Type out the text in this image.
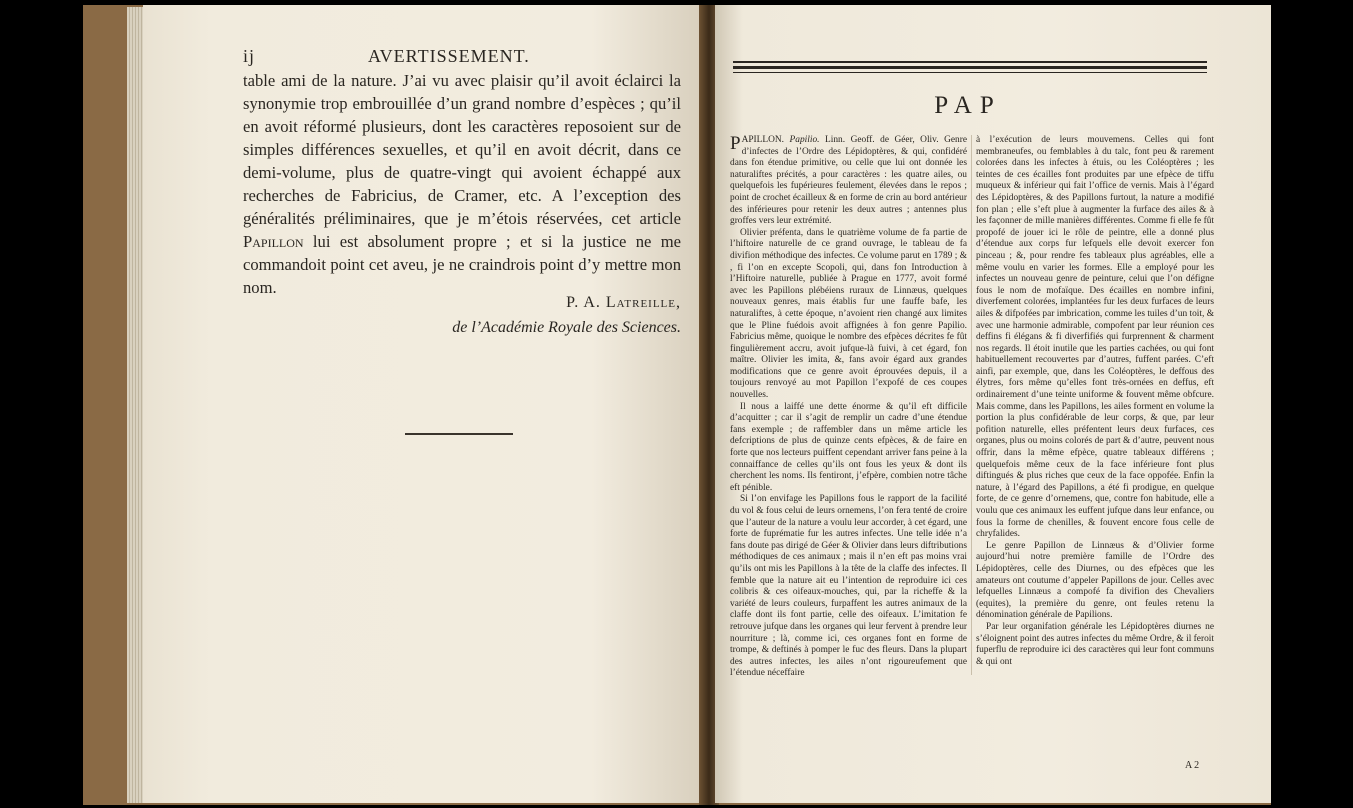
ij	AVERTISSEMENT.

table ami de la nature. J’ai vu avec plaisir qu’il avoit éclairci la synonymie trop embrouillée d’un grand nombre d’espèces ; qu’il en avoit réformé plusieurs, dont les caractères reposoient sur de simples différences sexuelles, et qu’il en avoit décrit, dans ce demi-volume, plus de quatre-vingt qui avoient échappé aux recherches de Fabricius, de Cramer, etc. A l’exception des généralités préliminaires, que je m’étois réservées, cet article Papillon lui est absolument propre ; et si la justice ne me commandoit point cet aveu, je ne craindrois point d’y mettre mon nom.

P. A. Latreille,
de l’Académie Royale des Sciences.
PAP

PAPILLON. Papilio. Linn. Geoff. de Géer, Oliv. Genre d’infectes de l’Ordre des Lépidoptères, & qui, confidéré dans fon étendue primitive, ou celle que lui ont donnée les naturaliftes précités, a pour caractères : les quatre ailes, ou quelquefois les fupérieures feulement, élevées dans le repos ; point de crochet écailleux & en forme de crin au bord antérieur des inférieures pour retenir les deux autres ; antennes plus groffes vers leur extrémité.

Olivier préfenta, dans le quatrième volume de fa partie de l’hiftoire naturelle de ce grand ouvrage, le tableau de fa divifion méthodique des infectes. Ce volume parut en 1789 ; & , fi l’on en excepte Scopoli, qui, dans fon Introduction à l’Hiftoire naturelle, publiée à Prague en 1777, avoit formé avec les Papillons plébéiens ruraux de Linnæus, quelques nouveaux genres, mais établis fur une fauffe bafe, les naturaliftes, à cette époque, n’avoient rien changé aux limites que le Pline fuédois avoit affignées à fon genre Papilio. Fabricius même, quoique le nombre des efpèces décrites fe fût fingulièrement accru, avoit jufque-là fuivi, à cet égard, fon maître. Olivier les imita, &, fans avoir égard aux grandes modifications que ce genre avoit éprouvées depuis, il a toujours renvoyé au mot Papillon l’expofé de ces coupes nouvelles.

Il nous a laiffé une dette énorme & qu’il eft difficile d’acquitter ; car il s’agit de remplir un cadre d’une étendue fans exemple ; de raffembler dans un même article les defcriptions de plus de quinze cents efpèces, & de faire en forte que nos lecteurs puiffent cependant arriver fans peine à la connaiffance de celles qu’ils ont fous les yeux & dont ils cherchent les noms. Ils fentiront, j’efpère, combien notre tâche eft pénible.

Si l’on envifage les Papillons fous le rapport de la facilité du vol & fous celui de leurs ornemens, l’on fera tenté de croire que l’auteur de la nature a voulu leur accorder, à cet égard, une forte de fuprématie fur les autres infectes. Une telle idée n’a fans doute pas dirigé de Géer & Olivier dans leurs diftributions méthodiques de ces animaux ; mais il n’en eft pas moins vrai qu’ils ont mis les Papillons à la tête de la claffe des infectes. Il femble que la nature ait eu l’intention de reproduire ici ces colibris & ces oifeaux-mouches, qui, par la richeffe & la variété de leurs couleurs, furpaffent les autres animaux de la claffe dont ils font partie, celle des oifeaux. L’imitation fe retrouve jufque dans les organes qui leur fervent à prendre leur nourriture ; là, comme ici, ces organes font en forme de trompe, & deftinés à pomper le fuc des fleurs. Dans la plupart des autres infectes, les ailes n’ont rigoureufement que l’étendue néceffaire

à l’exécution de leurs mouvemens. Celles qui font membraneufes, ou femblables à du talc, font peu & rarement colorées dans les infectes à étuis, ou les Coléoptères ; les teintes de ces écailles font produites par une efpèce de tiffu muqueux & inférieur qui fait l’office de vernis. Mais à l’égard des Lépidoptères, & des Papillons furtout, la nature a modifié fon plan ; elle s’eft plue à augmenter la furface des ailes & à les façonner de mille manières différentes. Comme fi elle fe fût propofé de jouer ici le rôle de peintre, elle a donné plus d’étendue aux corps fur lefquels elle devoit exercer fon pinceau ; &, pour rendre fes tableaux plus agréables, elle a même voulu en varier les formes. Elle a employé pour les infectes un nouveau genre de peinture, celui que l’on défigne fous le nom de mofaïque. Des écailles en nombre infini, diverfement colorées, implantées fur les deux furfaces de leurs ailes & difpofées par imbrication, comme les tuiles d’un toit, & avec une harmonie admirable, compofent par leur réunion ces deffins fi élégans & fi diverfifiés qui furprennent & charment nos regards. Il étoit inutile que les parties cachées, ou qui font habituellement recouvertes par d’autres, fuffent parées. C’eft ainfi, par exemple, que, dans les Coléoptères, le deffous des élytres, fors même qu’elles font très-ornées en deffus, eft ordinairement d’une teinte uniforme & fouvent même obfcure. Mais comme, dans les Papillons, les ailes forment en volume la portion la plus confidérable de leur corps, & que, par leur pofition naturelle, elles préfentent leurs deux furfaces, ces organes, plus ou moins colorés de part & d’autre, peuvent nous offrir, dans la même efpèce, quatre tableaux différens ; quelquefois même ceux de la face inférieure font plus diftingués & plus riches que ceux de la face oppofée. Enfin la nature, à l’égard des Papillons, a été fi prodigue, en quelque forte, de ce genre d’ornemens, que, contre fon habitude, elle a voulu que ces animaux les euffent jufque dans leur enfance, ou fous la forme de chenilles, & fouvent encore fous celle de chryfalides.

Le genre Papillon de Linnæus & d’Olivier forme aujourd’hui notre première famille de l’Ordre des Lépidoptères, celle des Diurnes, ou des efpèces que les amateurs ont coutume d’appeler Papillons de jour. Celles avec lefquelles Linnæus a compofé fa divifion des Chevaliers (equites), la première du genre, ont feules retenu la dénomination générale de Papilions.

Par leur organifation générale les Lépidoptères diurnes ne s’éloignent point des autres infectes du même Ordre, & il feroit fuperflu de reproduire ici des caractères qui leur font communs & qui ont

A 2
